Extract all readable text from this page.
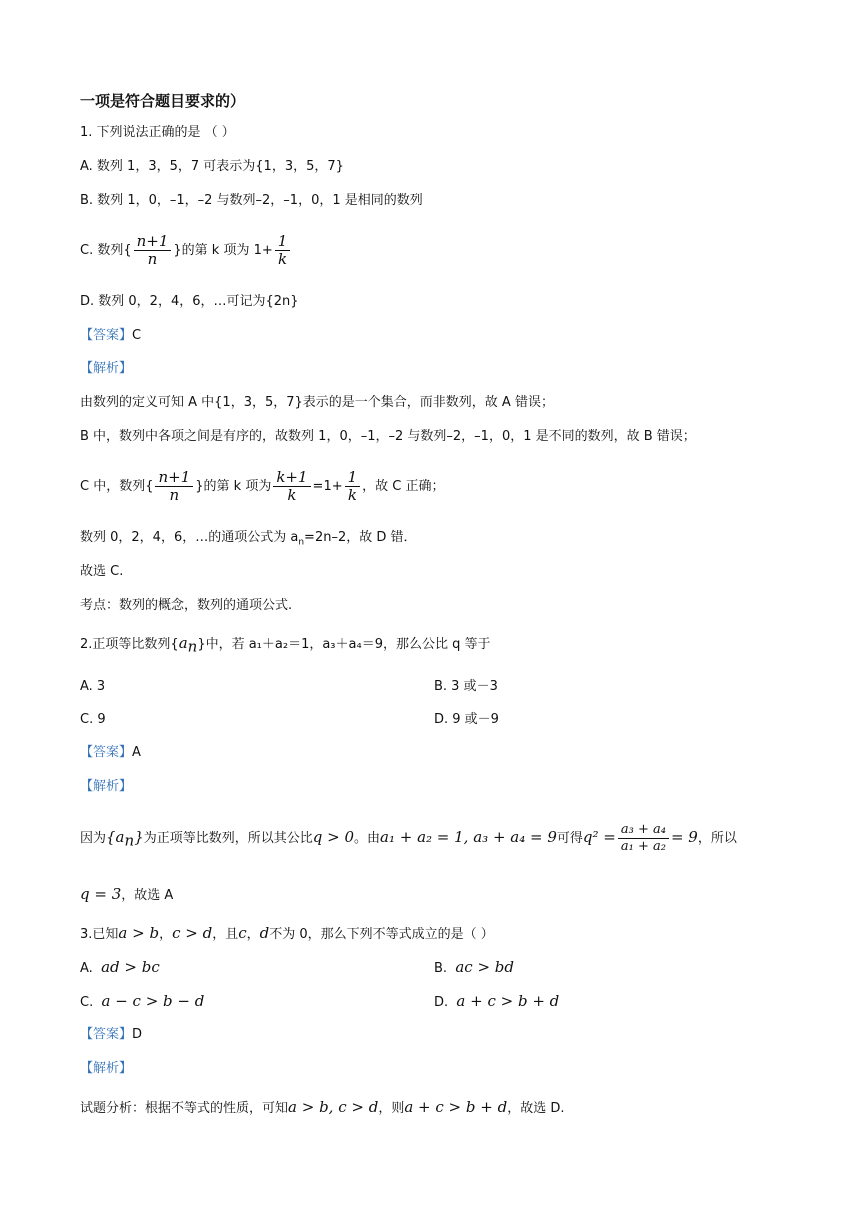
一项是符合题目要求的）
1. 下列说法正确的是 （ ）
A. 数列 1，3，5，7 可表示为{1，3，5，7}
B. 数列 1，0，–1，–2 与数列–2，–1，0，1 是相同的数列
C. 数列{ $\frac{n+1}{n}$ }的第 k 项为 $1+ \frac{1}{k}$
D. 数列 0，2，4，6，…可记为{2n}
【答案】C
【解析】
由数列的定义可知 A 中{1，3，5，7}表示的是一个集合，而非数列，故 A 错误；
B 中，数列中各项之间是有序的，故数列 1，0，–1，–2 与数列–2，–1，0，1 是不同的数列，故 B 错误；
C 中，数列{ $\frac{n+1}{n}$ }的第 k 项为 $\frac{k+1}{k} =1+ \frac{1}{k}$ ，故 C 正确；
数列 0，2，4，6，…的通项公式为 $a_n=2n-2$，故 D 错．
故选 C.
考点：数列的概念，数列的通项公式.
2.正项等比数列$\{a_n\}$中，若 a₁＋a₂＝1，a₃＋a₄＝9，那么公比 q 等于
A. 3	B. 3 或－3
C. 9	D. 9 或－9
【答案】A
【解析】
因为$\{a_n\}$为正项等比数列，所以其公比q > 0。由a₁ + a₂ = 1, a₃ + a₄ = 9可得$q^2 = \frac{\text{a₃ + a₄}}{\text{a₁ + a₂}} = 9$，所以
q = 3，故选 A
3.已知a > b，c > d，且c，d不为 0，那么下列不等式成立的是（ ）
A. ad > bc	B. ac > bd
C. a − c > b − d	D. a + c > b + d
【答案】D
【解析】
试题分析：根据不等式的性质，可知a > b, c > d，则a + c > b + d，故选 D.
